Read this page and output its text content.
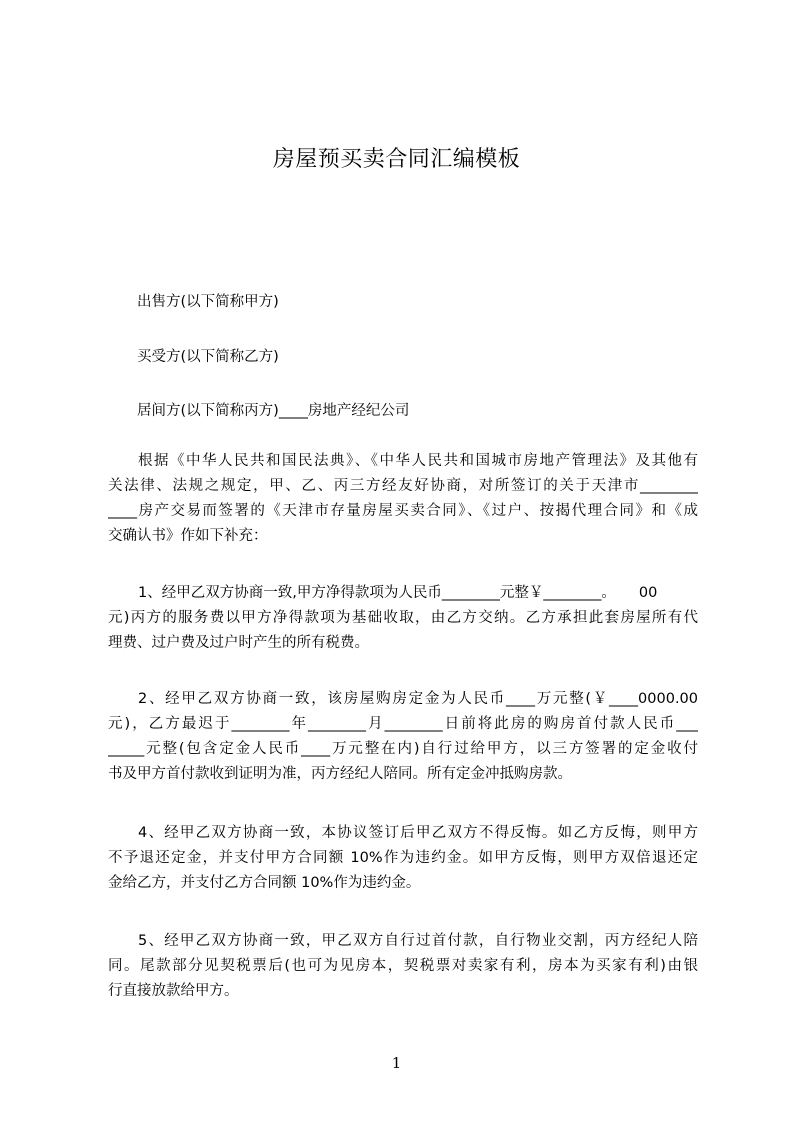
房屋预买卖合同汇编模板
出售方(以下简称甲方)
买受方(以下简称乙方)
居间方(以下简称丙方)____房地产经纪公司
根据《中华人民共和国民法典》、《中华人民共和国城市房地产管理法》及其他有
关法律、法规之规定，甲、乙、丙三方经友好协商，对所签订的关于天津市________
____房产交易而签署的《天津市存量房屋买卖合同》、《过户、按揭代理合同》和《成
交确认书》作如下补充：
1、经甲乙双方协商一致,甲方净得款项为人民币________元整￥________。     00
元)丙方的服务费以甲方净得款项为基础收取，由乙方交纳。乙方承担此套房屋所有代
理费、过户费及过户时产生的所有税费。
2、经甲乙双方协商一致，该房屋购房定金为人民币____万元整(￥____0000.00
元)，乙方最迟于________年________月________日前将此房的购房首付款人民币___
_____元整(包含定金人民币____万元整在内)自行过给甲方，以三方签署的定金收付
书及甲方首付款收到证明为准，丙方经纪人陪同。所有定金冲抵购房款。
4、经甲乙双方协商一致，本协议签订后甲乙双方不得反悔。如乙方反悔，则甲方
不予退还定金，并支付甲方合同额 10%作为违约金。如甲方反悔，则甲方双倍退还定
金给乙方，并支付乙方合同额 10%作为违约金。
5、经甲乙双方协商一致，甲乙双方自行过首付款，自行物业交割，丙方经纪人陪
同。尾款部分见契税票后(也可为见房本，契税票对卖家有利，房本为买家有利)由银
行直接放款给甲方。
1
